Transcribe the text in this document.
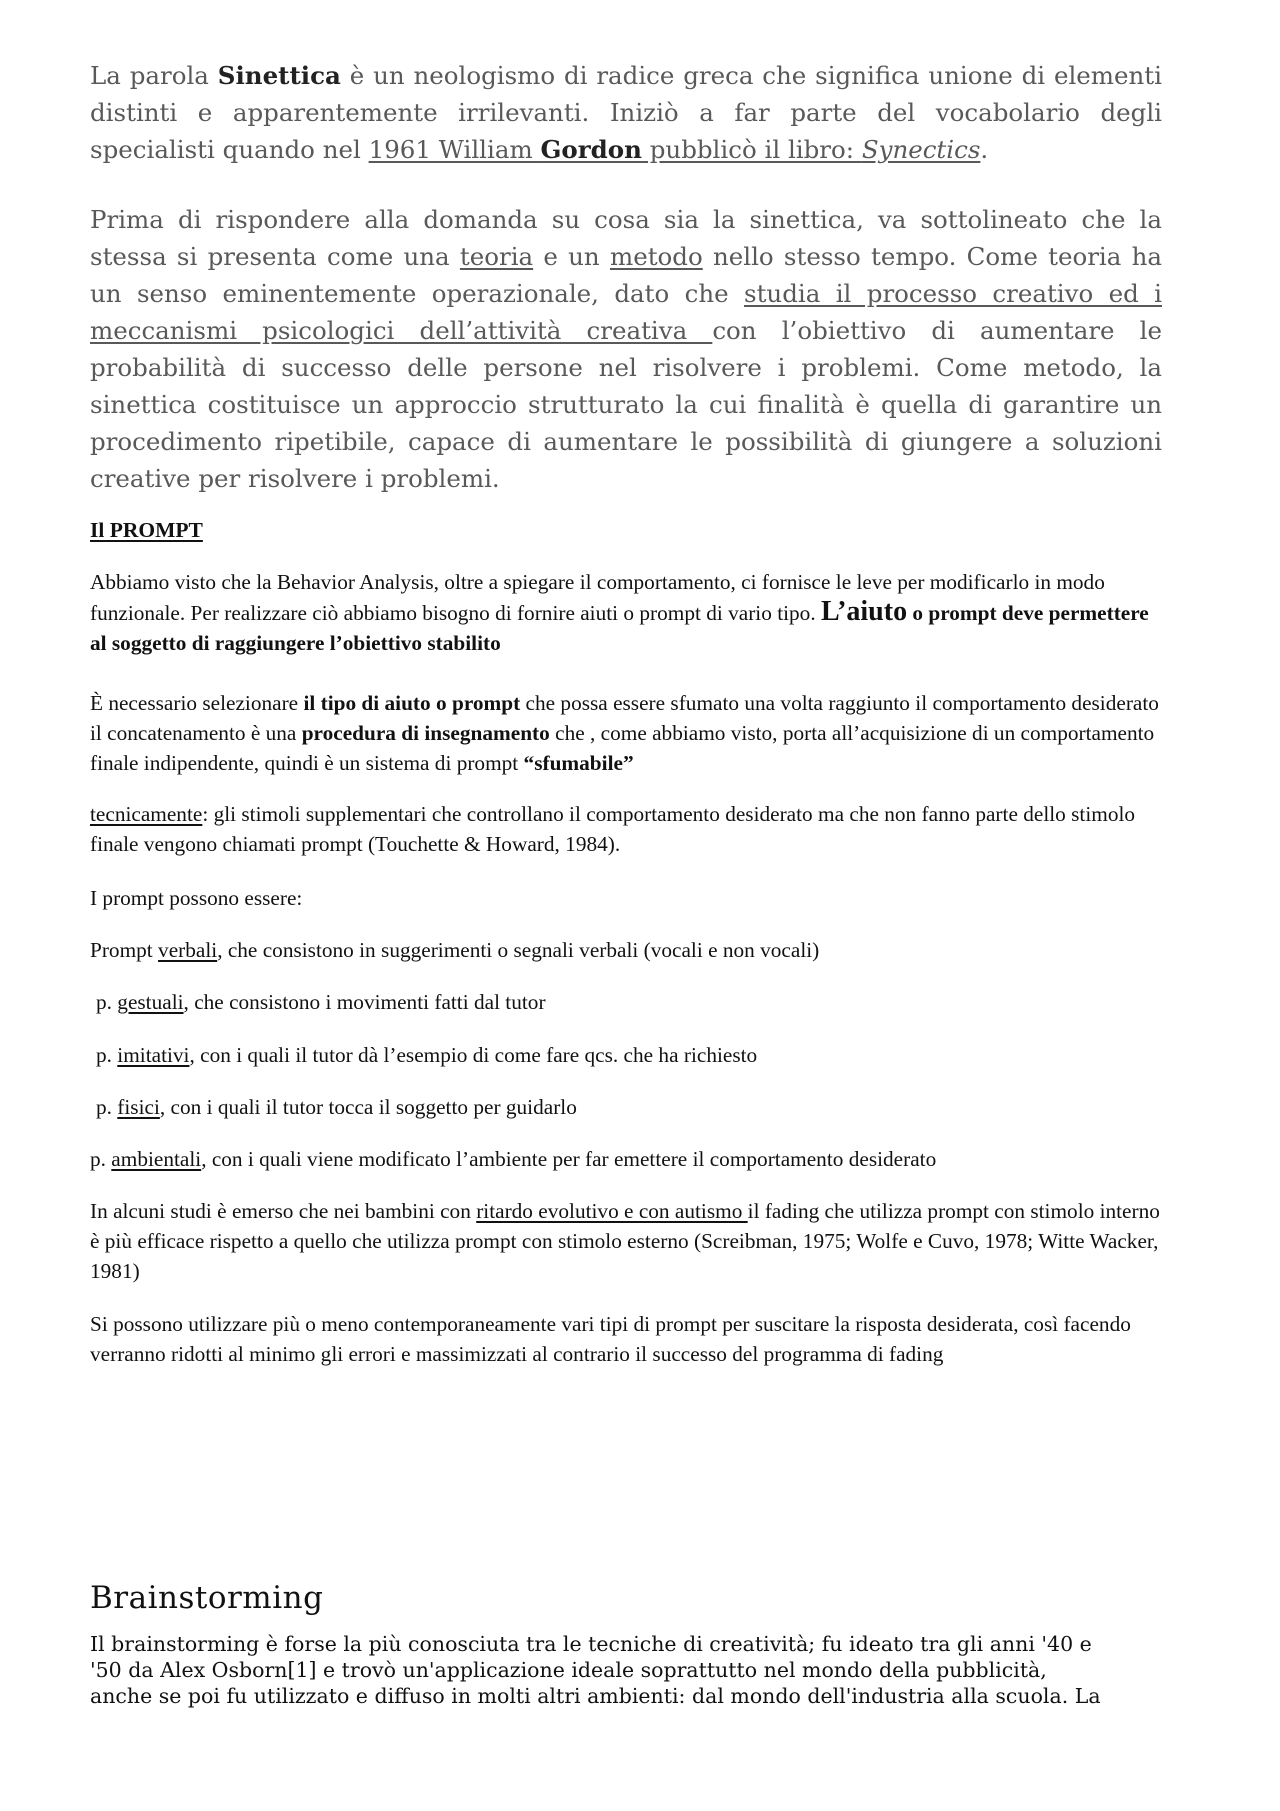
La parola Sinettica è un neologismo di radice greca che significa unione di elementi distinti e apparentemente irrilevanti. Iniziò a far parte del vocabolario degli specialisti quando nel 1961 William Gordon pubblicò il libro: Synectics.

Prima di rispondere alla domanda su cosa sia la sinettica, va sottolineato che la stessa si presenta come una teoria e un metodo nello stesso tempo. Come teoria ha un senso eminentemente operazionale, dato che studia il processo creativo ed i meccanismi psicologici dell’attività creativa con l’obiettivo di aumentare le probabilità di successo delle persone nel risolvere i problemi. Come metodo, la sinettica costituisce un approccio strutturato la cui finalità è quella di garantire un procedimento ripetibile, capace di aumentare le possibilità di giungere a soluzioni creative per risolvere i problemi.

Il PROMPT

Abbiamo visto che la Behavior Analysis, oltre a spiegare il comportamento, ci fornisce le leve per modificarlo in modo funzionale. Per realizzare ciò abbiamo bisogno di fornire aiuti o prompt di vario tipo. L’aiuto o prompt deve permettere al soggetto di raggiungere l’obiettivo stabilito

È necessario selezionare il tipo di aiuto o prompt che possa essere sfumato una volta raggiunto il comportamento desiderato il concatenamento è una procedura di insegnamento che , come abbiamo visto, porta all’acquisizione di un comportamento finale indipendente, quindi è un sistema di prompt “sfumabile”

tecnicamente: gli stimoli supplementari che controllano il comportamento desiderato ma che non fanno parte dello stimolo finale vengono chiamati prompt (Touchette & Howard, 1984).

I prompt possono essere:

Prompt verbali, che consistono in suggerimenti o segnali verbali (vocali e non vocali)

p. gestuali, che consistono i movimenti fatti dal tutor

p. imitativi, con i quali il tutor dà l’esempio di come fare qcs. che ha richiesto

p. fisici, con i quali il tutor tocca il soggetto per guidarlo

p. ambientali, con i quali viene modificato l’ambiente per far emettere il comportamento desiderato

In alcuni studi è emerso che nei bambini con ritardo evolutivo e con autismo il fading che utilizza prompt con stimolo interno è più efficace rispetto a quello che utilizza prompt con stimolo esterno (Screibman, 1975; Wolfe e Cuvo, 1978; Witte Wacker, 1981)

Si possono utilizzare più o meno contemporaneamente vari tipi di prompt per suscitare la risposta desiderata, così facendo verranno ridotti al minimo gli errori e massimizzati al contrario il successo del programma di fading

Brainstorming

Il brainstorming è forse la più conosciuta tra le tecniche di creatività; fu ideato tra gli anni '40 e
'50 da Alex Osborn[1] e trovò un'applicazione ideale soprattutto nel mondo della pubblicità,
anche se poi fu utilizzato e diffuso in molti altri ambienti: dal mondo dell'industria alla scuola. La
